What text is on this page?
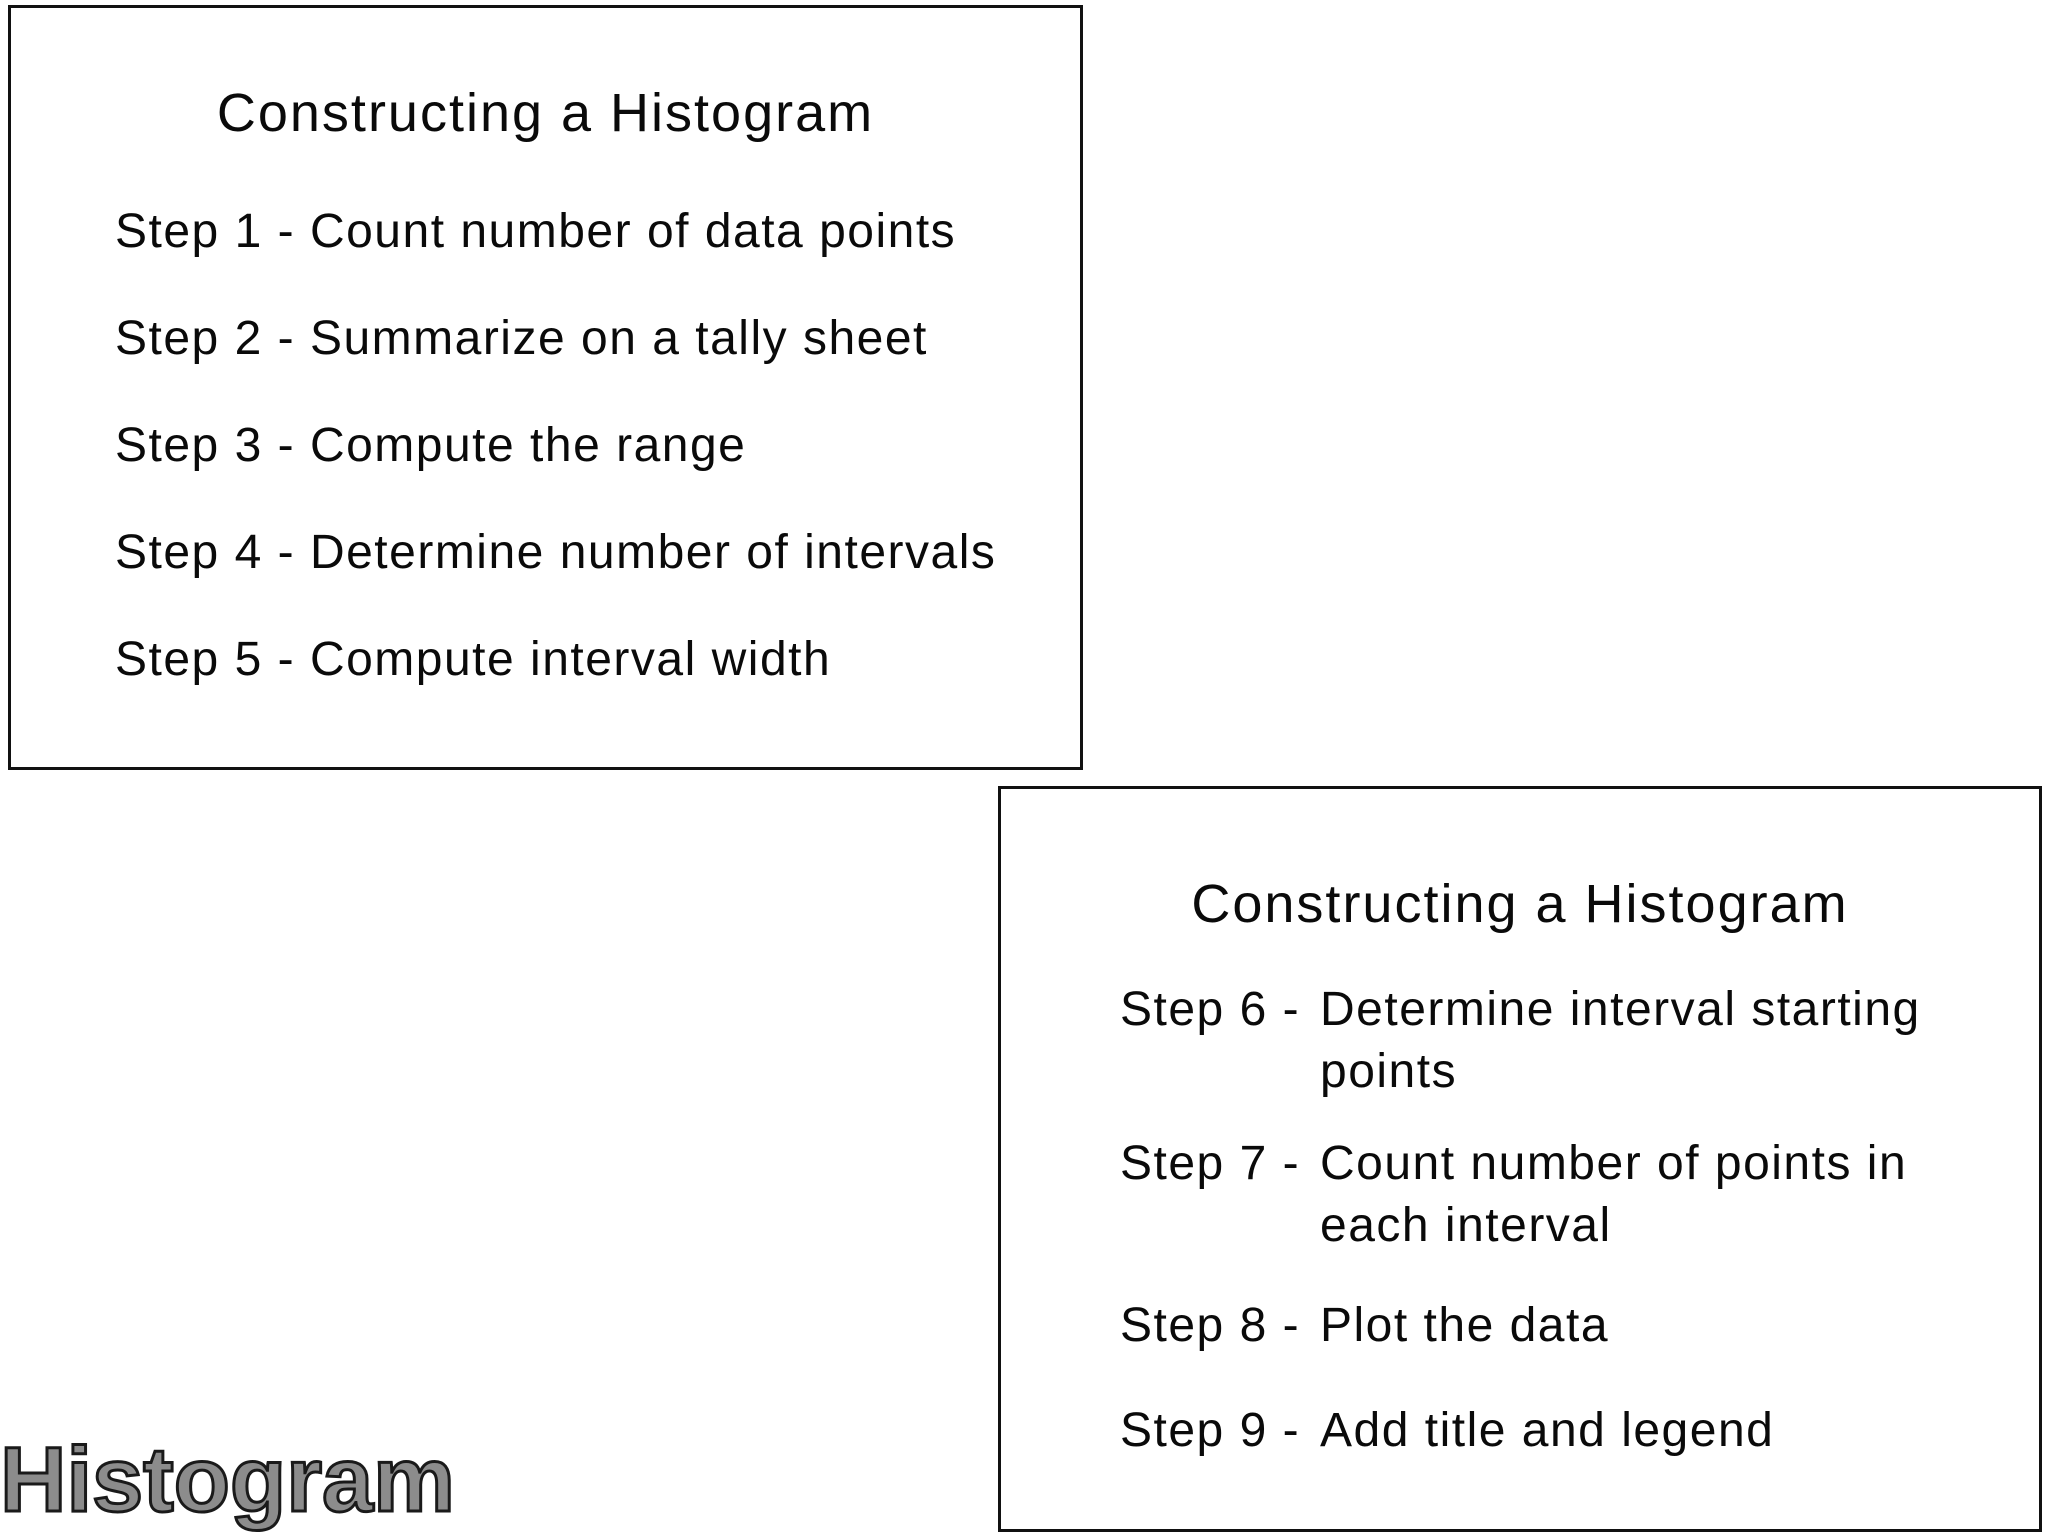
Constructing a Histogram
Step 1 - Count number of data points
Step 2 - Summarize on a tally sheet
Step 3 - Compute the range
Step 4 - Determine number of intervals
Step 5 - Compute interval width
Constructing a Histogram
Step 6 - Determine interval starting points
Step 7 - Count number of points in each interval
Step 8 - Plot the data
Step 9 - Add title and legend
Histogram
